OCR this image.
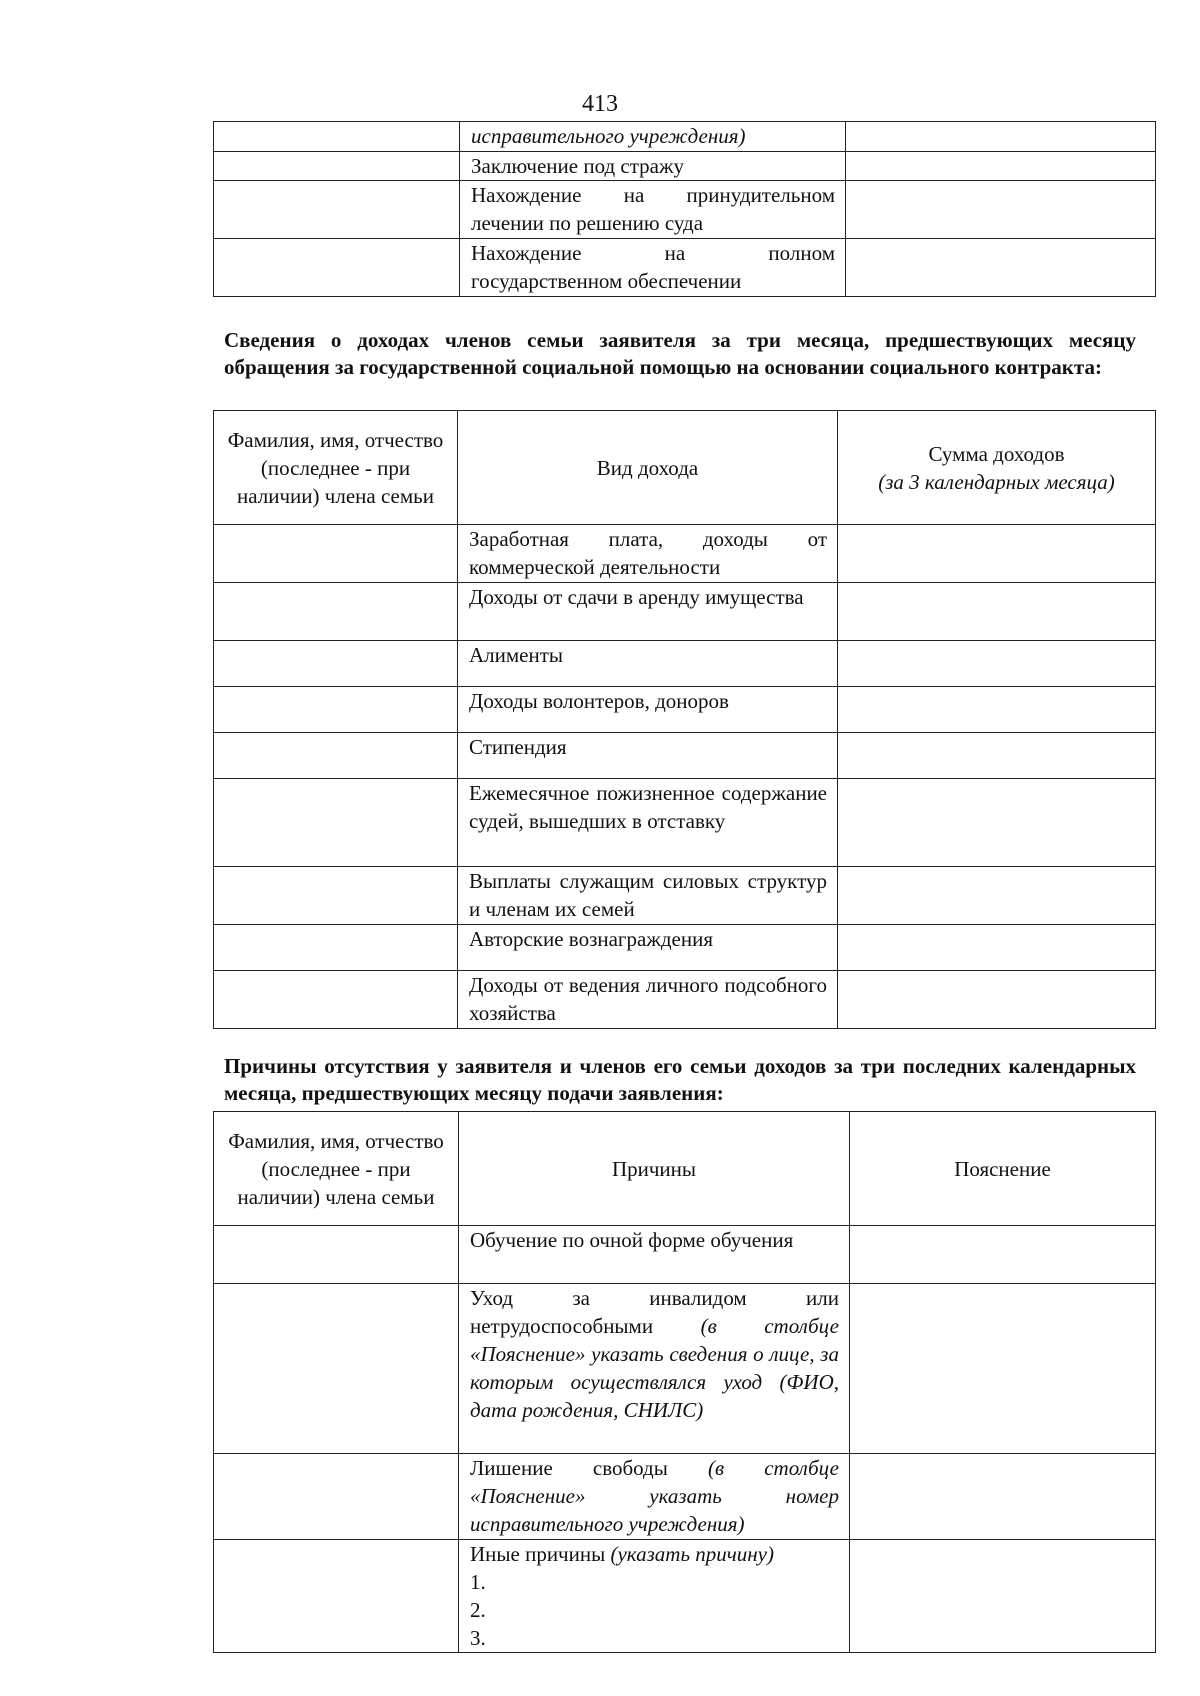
413
	исправительного учреждения)	
	Заключение под стражу	

	Нахождение на принудительном
лечении по решению суда	

	Нахождение на полном
государственном обеспечении	

Сведения о доходах членов семьи заявителя за три месяца, предшествующих месяцу обращения за государственной социальной помощью на основании социального контракта:
Фамилия, имя, отчество (последнее - при наличии) члена семьи	Вид дохода	Сумма доходов
(за 3 календарных месяца)

	Заработная плата, доходы от коммерческой деятельности	
	Доходы от сдачи в аренду имущества	
	Алименты	
	Доходы волонтеров, доноров	
	Стипендия	
	Ежемесячное пожизненное содержание судей, вышедших в отставку	
	Выплаты служащим силовых структур и членам их семей	
	Авторские вознаграждения	
	Доходы от ведения личного подсобного хозяйства	
Причины отсутствия у заявителя и членов его семьи доходов за три последних календарных месяца, предшествующих месяцу подачи заявления:
Фамилия, имя, отчество (последнее - при наличии) члена семьи	Причины	Пояснение
	Обучение по очной форме обучения	
	Уход за инвалидом или нетрудоспособными (в столбце «Пояснение» указать сведения о лице, за которым осуществлялся уход (ФИО, дата рождения, СНИЛС)	
	Лишение свободы (в столбце «Пояснение» указать номер исправительного учреждения)	

	Иные причины (указать причину)
1.
2.
3.	
